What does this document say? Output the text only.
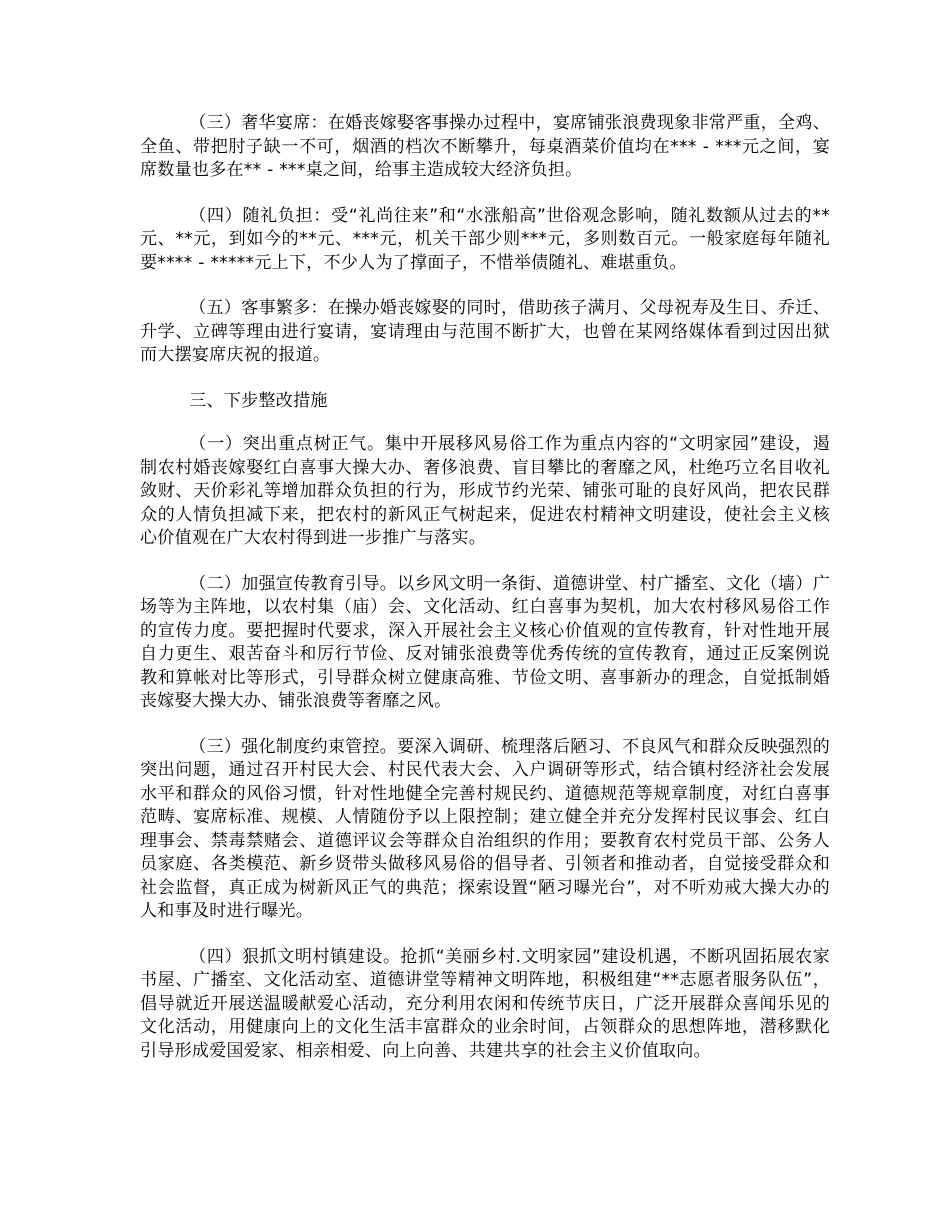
（三）奢华宴席：在婚丧嫁娶客事操办过程中，宴席铺张浪费现象非常严重，全鸡、全鱼、带把肘子缺一不可，烟酒的档次不断攀升，每桌酒菜价值均在*** - ***元之间，宴席数量也多在** - ***桌之间，给事主造成较大经济负担。

（四）随礼负担：受“礼尚往来”和“水涨船高”世俗观念影响，随礼数额从过去的**元、**元，到如今的**元、***元，机关干部少则***元，多则数百元。一般家庭每年随礼要**** - *****元上下，不少人为了撑面子，不惜举债随礼、难堪重负。

（五）客事繁多：在操办婚丧嫁娶的同时，借助孩子满月、父母祝寿及生日、乔迁、升学、立碑等理由进行宴请，宴请理由与范围不断扩大，也曾在某网络媒体看到过因出狱而大摆宴席庆祝的报道。

三、下步整改措施

（一）突出重点树正气。集中开展移风易俗工作为重点内容的“文明家园”建设，遏制农村婚丧嫁娶红白喜事大操大办、奢侈浪费、盲目攀比的奢靡之风，杜绝巧立名目收礼敛财、天价彩礼等增加群众负担的行为，形成节约光荣、铺张可耻的良好风尚，把农民群众的人情负担减下来，把农村的新风正气树起来，促进农村精神文明建设，使社会主义核心价值观在广大农村得到进一步推广与落实。

（二）加强宣传教育引导。以乡风文明一条街、道德讲堂、村广播室、文化（墙）广场等为主阵地，以农村集（庙）会、文化活动、红白喜事为契机，加大农村移风易俗工作的宣传力度。要把握时代要求，深入开展社会主义核心价值观的宣传教育，针对性地开展自力更生、艰苦奋斗和厉行节俭、反对铺张浪费等优秀传统的宣传教育，通过正反案例说教和算帐对比等形式，引导群众树立健康高雅、节俭文明、喜事新办的理念，自觉抵制婚丧嫁娶大操大办、铺张浪费等奢靡之风。

（三）强化制度约束管控。要深入调研、梳理落后陋习、不良风气和群众反映强烈的突出问题，通过召开村民大会、村民代表大会、入户调研等形式，结合镇村经济社会发展水平和群众的风俗习惯，针对性地健全完善村规民约、道德规范等规章制度，对红白喜事范畴、宴席标准、规模、人情随份予以上限控制；建立健全并充分发挥村民议事会、红白理事会、禁毒禁赌会、道德评议会等群众自治组织的作用；要教育农村党员干部、公务人员家庭、各类模范、新乡贤带头做移风易俗的倡导者、引领者和推动者，自觉接受群众和社会监督，真正成为树新风正气的典范；探索设置“陋习曝光台”，对不听劝戒大操大办的人和事及时进行曝光。

（四）狠抓文明村镇建设。抢抓“美丽乡村.文明家园”建设机遇，不断巩固拓展农家书屋、广播室、文化活动室、道德讲堂等精神文明阵地，积极组建“**志愿者服务队伍”，倡导就近开展送温暖献爱心活动，充分利用农闲和传统节庆日，广泛开展群众喜闻乐见的文化活动，用健康向上的文化生活丰富群众的业余时间，占领群众的思想阵地，潜移默化引导形成爱国爱家、相亲相爱、向上向善、共建共享的社会主义价值取向。
